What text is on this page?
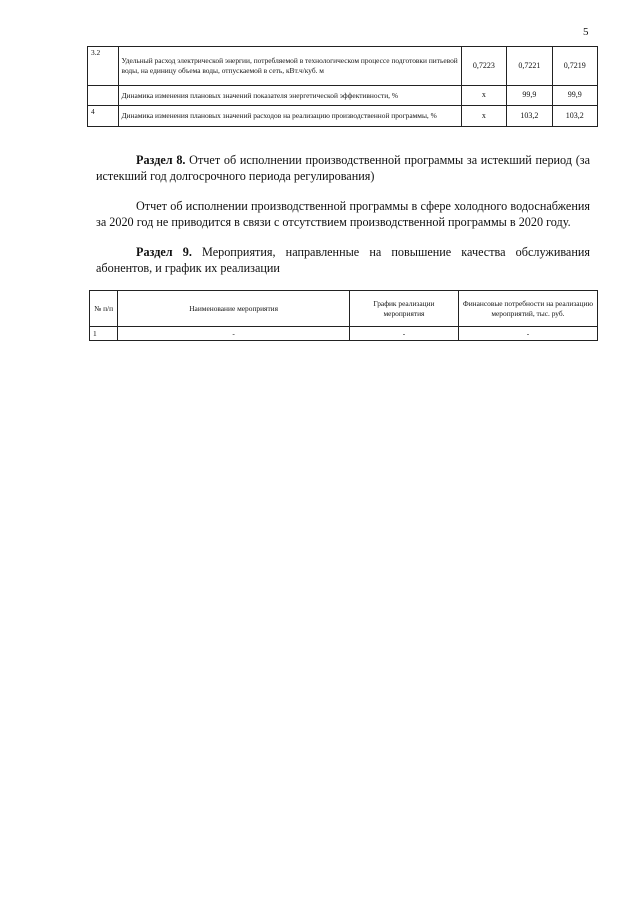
5
3.2	Удельный расход электрической энергии, потребляемой в технологическом процессе подготовки питьевой воды, на единицу объема воды, отпускаемой в сеть, кВт.ч/куб. м	0,7223	0,7221	0,7219
	Динамика изменения плановых значений показателя энергетической эффективности, %	x	99,9	99,9
4	Динамика изменения плановых значений расходов на реализацию производственной программы, %	x	103,2	103,2

Раздел 8. Отчет об исполнении производственной программы за истекший период (за истекший год долгосрочного периода регулирования)

Отчет об исполнении производственной программы в сфере холодного водоснабжения за 2020 год не приводится в связи с отсутствием производственной программы в 2020 году.

Раздел 9. Мероприятия, направленные на повышение качества обслуживания абонентов, и график их реализации

№ п/п	Наименование мероприятия	График реализации мероприятия	Финансовые потребности на реализацию мероприятий, тыс. руб.
1	-	-	-
